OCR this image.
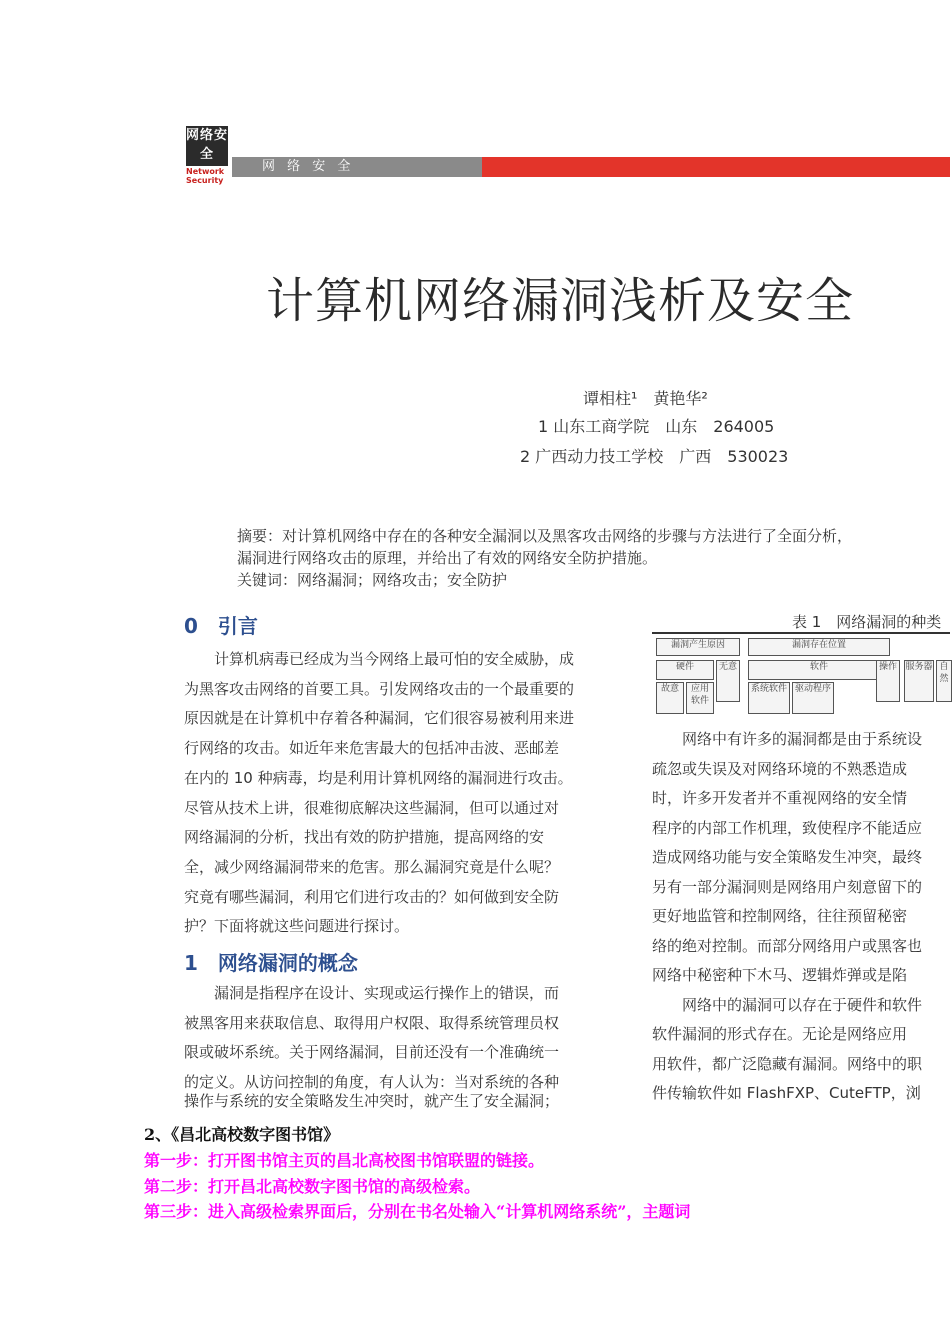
网络安全
Network Security
网 络 安 全
计算机网络漏洞浅析及安全
谭相柱¹　黄艳华²
1 山东工商学院　山东　264005
2 广西动力技工学校　广西　530023
摘要：对计算机网络中存在的各种安全漏洞以及黑客攻击网络的步骤与方法进行了全面分析，
漏洞进行网络攻击的原理，并给出了有效的网络安全防护措施。
关键词：网络漏洞；网络攻击；安全防护
0　引言
　　计算机病毒已经成为当今网络上最可怕的安全威胁，成
为黑客攻击网络的首要工具。引发网络攻击的一个最重要的
原因就是在计算机中存着各种漏洞，它们很容易被利用来进
行网络的攻击。如近年来危害最大的包括冲击波、恶邮差
在内的 10 种病毒，均是利用计算机网络的漏洞进行攻击。
尽管从技术上讲，很难彻底解决这些漏洞，但可以通过对
网络漏洞的分析，找出有效的防护措施，提高网络的安
全，减少网络漏洞带来的危害。那么漏洞究竟是什么呢？
究竟有哪些漏洞，利用它们进行攻击的？如何做到安全防
护？下面将就这些问题进行探讨。
1　网络漏洞的概念
　　漏洞是指程序在设计、实现或运行操作上的错误，而
被黑客用来获取信息、取得用户权限、取得系统管理员权
限或破坏系统。关于网络漏洞，目前还没有一个准确统一
的定义。从访问控制的角度，有人认为：当对系统的各种
操作与系统的安全策略发生冲突时，就产生了安全漏洞；
表 1　网络漏洞的种类
漏洞产生原因	漏洞存在位置
硬件	无意	软件	操作 服务器 自然
故意	应用软件
系统软件 驱动程序
　　网络中有许多的漏洞都是由于系统设
疏忽或失误及对网络环境的不熟悉造成
时，许多开发者并不重视网络的安全情
程序的内部工作机理，致使程序不能适应
造成网络功能与安全策略发生冲突，最终
另有一部分漏洞则是网络用户刻意留下的
更好地监管和控制网络，往往预留秘密
络的绝对控制。而部分网络用户或黑客也
网络中秘密种下木马、逻辑炸弹或是陷
　　网络中的漏洞可以存在于硬件和软件
软件漏洞的形式存在。无论是网络应用
用软件，都广泛隐藏有漏洞。网络中的职
件传输软件如 FlashFXP、CuteFTP，浏
2、《昌北高校数字图书馆》
第一步：打开图书馆主页的昌北高校图书馆联盟的链接。
第二步：打开昌北高校数字图书馆的高级检索。
第三步：进入高级检索界面后，分别在书名处输入“计算机网络系统”，主题词
